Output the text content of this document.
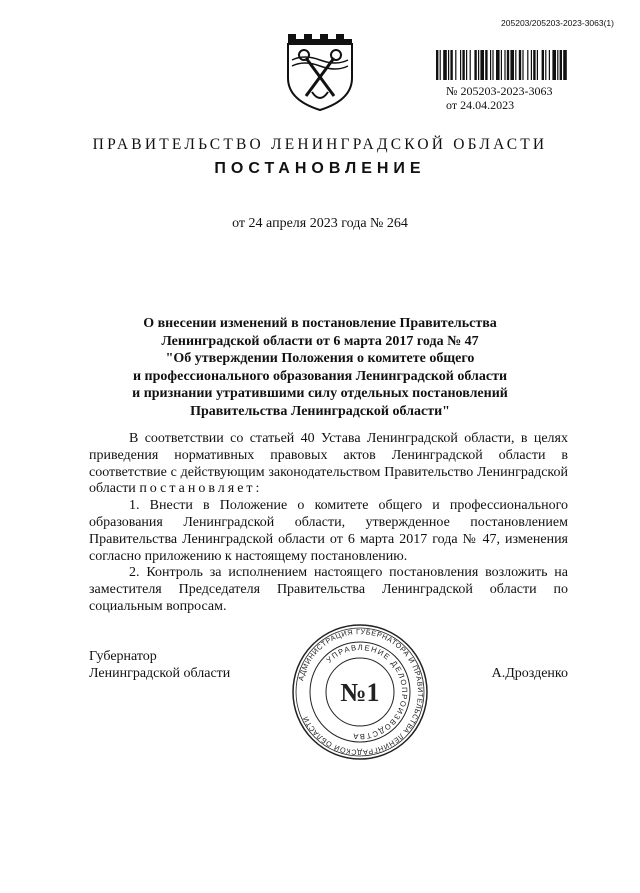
205203/205203-2023-3063(1)
№ 205203-2023-3063
от 24.04.2023
ПРАВИТЕЛЬСТВО ЛЕНИНГРАДСКОЙ ОБЛАСТИ
ПОСТАНОВЛЕНИЕ
от 24 апреля 2023 года № 264
О внесении изменений в постановление Правительства
Ленинградской области от 6 марта 2017 года № 47
"Об утверждении Положения о комитете общего
и профессионального образования Ленинградской области
и признании утратившими силу отдельных постановлений
Правительства Ленинградской области"

В соответствии со статьей 40 Устава Ленинградской области, в целях приведения нормативных правовых актов Ленинградской области в соответствие с действующим законодательством Правительство Ленинградской области постановляет:

1. Внести в Положение о комитете общего и профессионального образования Ленинградской области, утвержденное постановлением Правительства Ленинградской области от 6 марта 2017 года № 47, изменения согласно приложению к настоящему постановлению.

2. Контроль за исполнением настоящего постановления возложить на заместителя Председателя Правительства Ленинградской области по социальным вопросам.

Губернатор
Ленинградской области	А.Дрозденко
АДМИНИСТРАЦИЯ ГУБЕРНАТОРА И ПРАВИТЕЛЬСТВА ЛЕНИНГРАДСКОЙ ОБЛАСТИ
УПРАВЛЕНИЕ ДЕЛОПРОИЗВОДСТВА
№1
